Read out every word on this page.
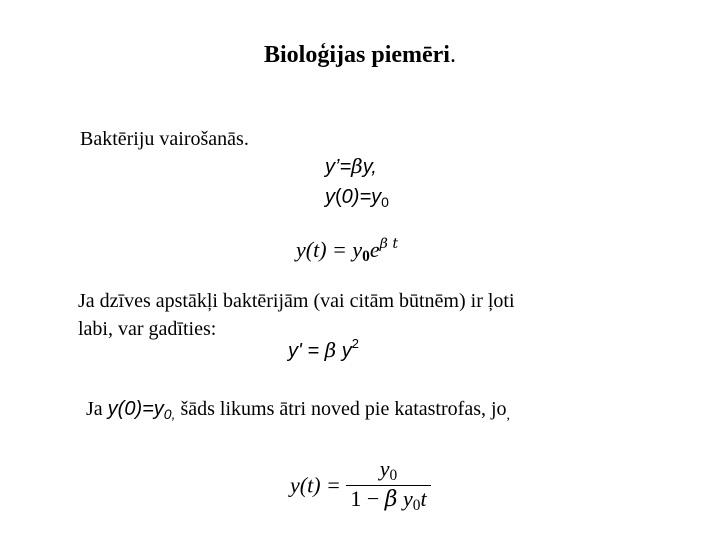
Bioloģijas piemēri.
Baktēriju vairošanās.
y’=βy,
$y(0)=y_0$
$y(t) = y_0e^{\beta t}$
Ja dzīves apstākļi baktērijām (vai citām būtnēm) ir ļoti
labi, var gadīties:
y' = β $y^2$
Ja $y(0)=y_{0,}$ šāds likums ātri noved pie katastrofas, $jo_,$
$y(t) = \frac{y_0}{1 - \beta y_0t}$
